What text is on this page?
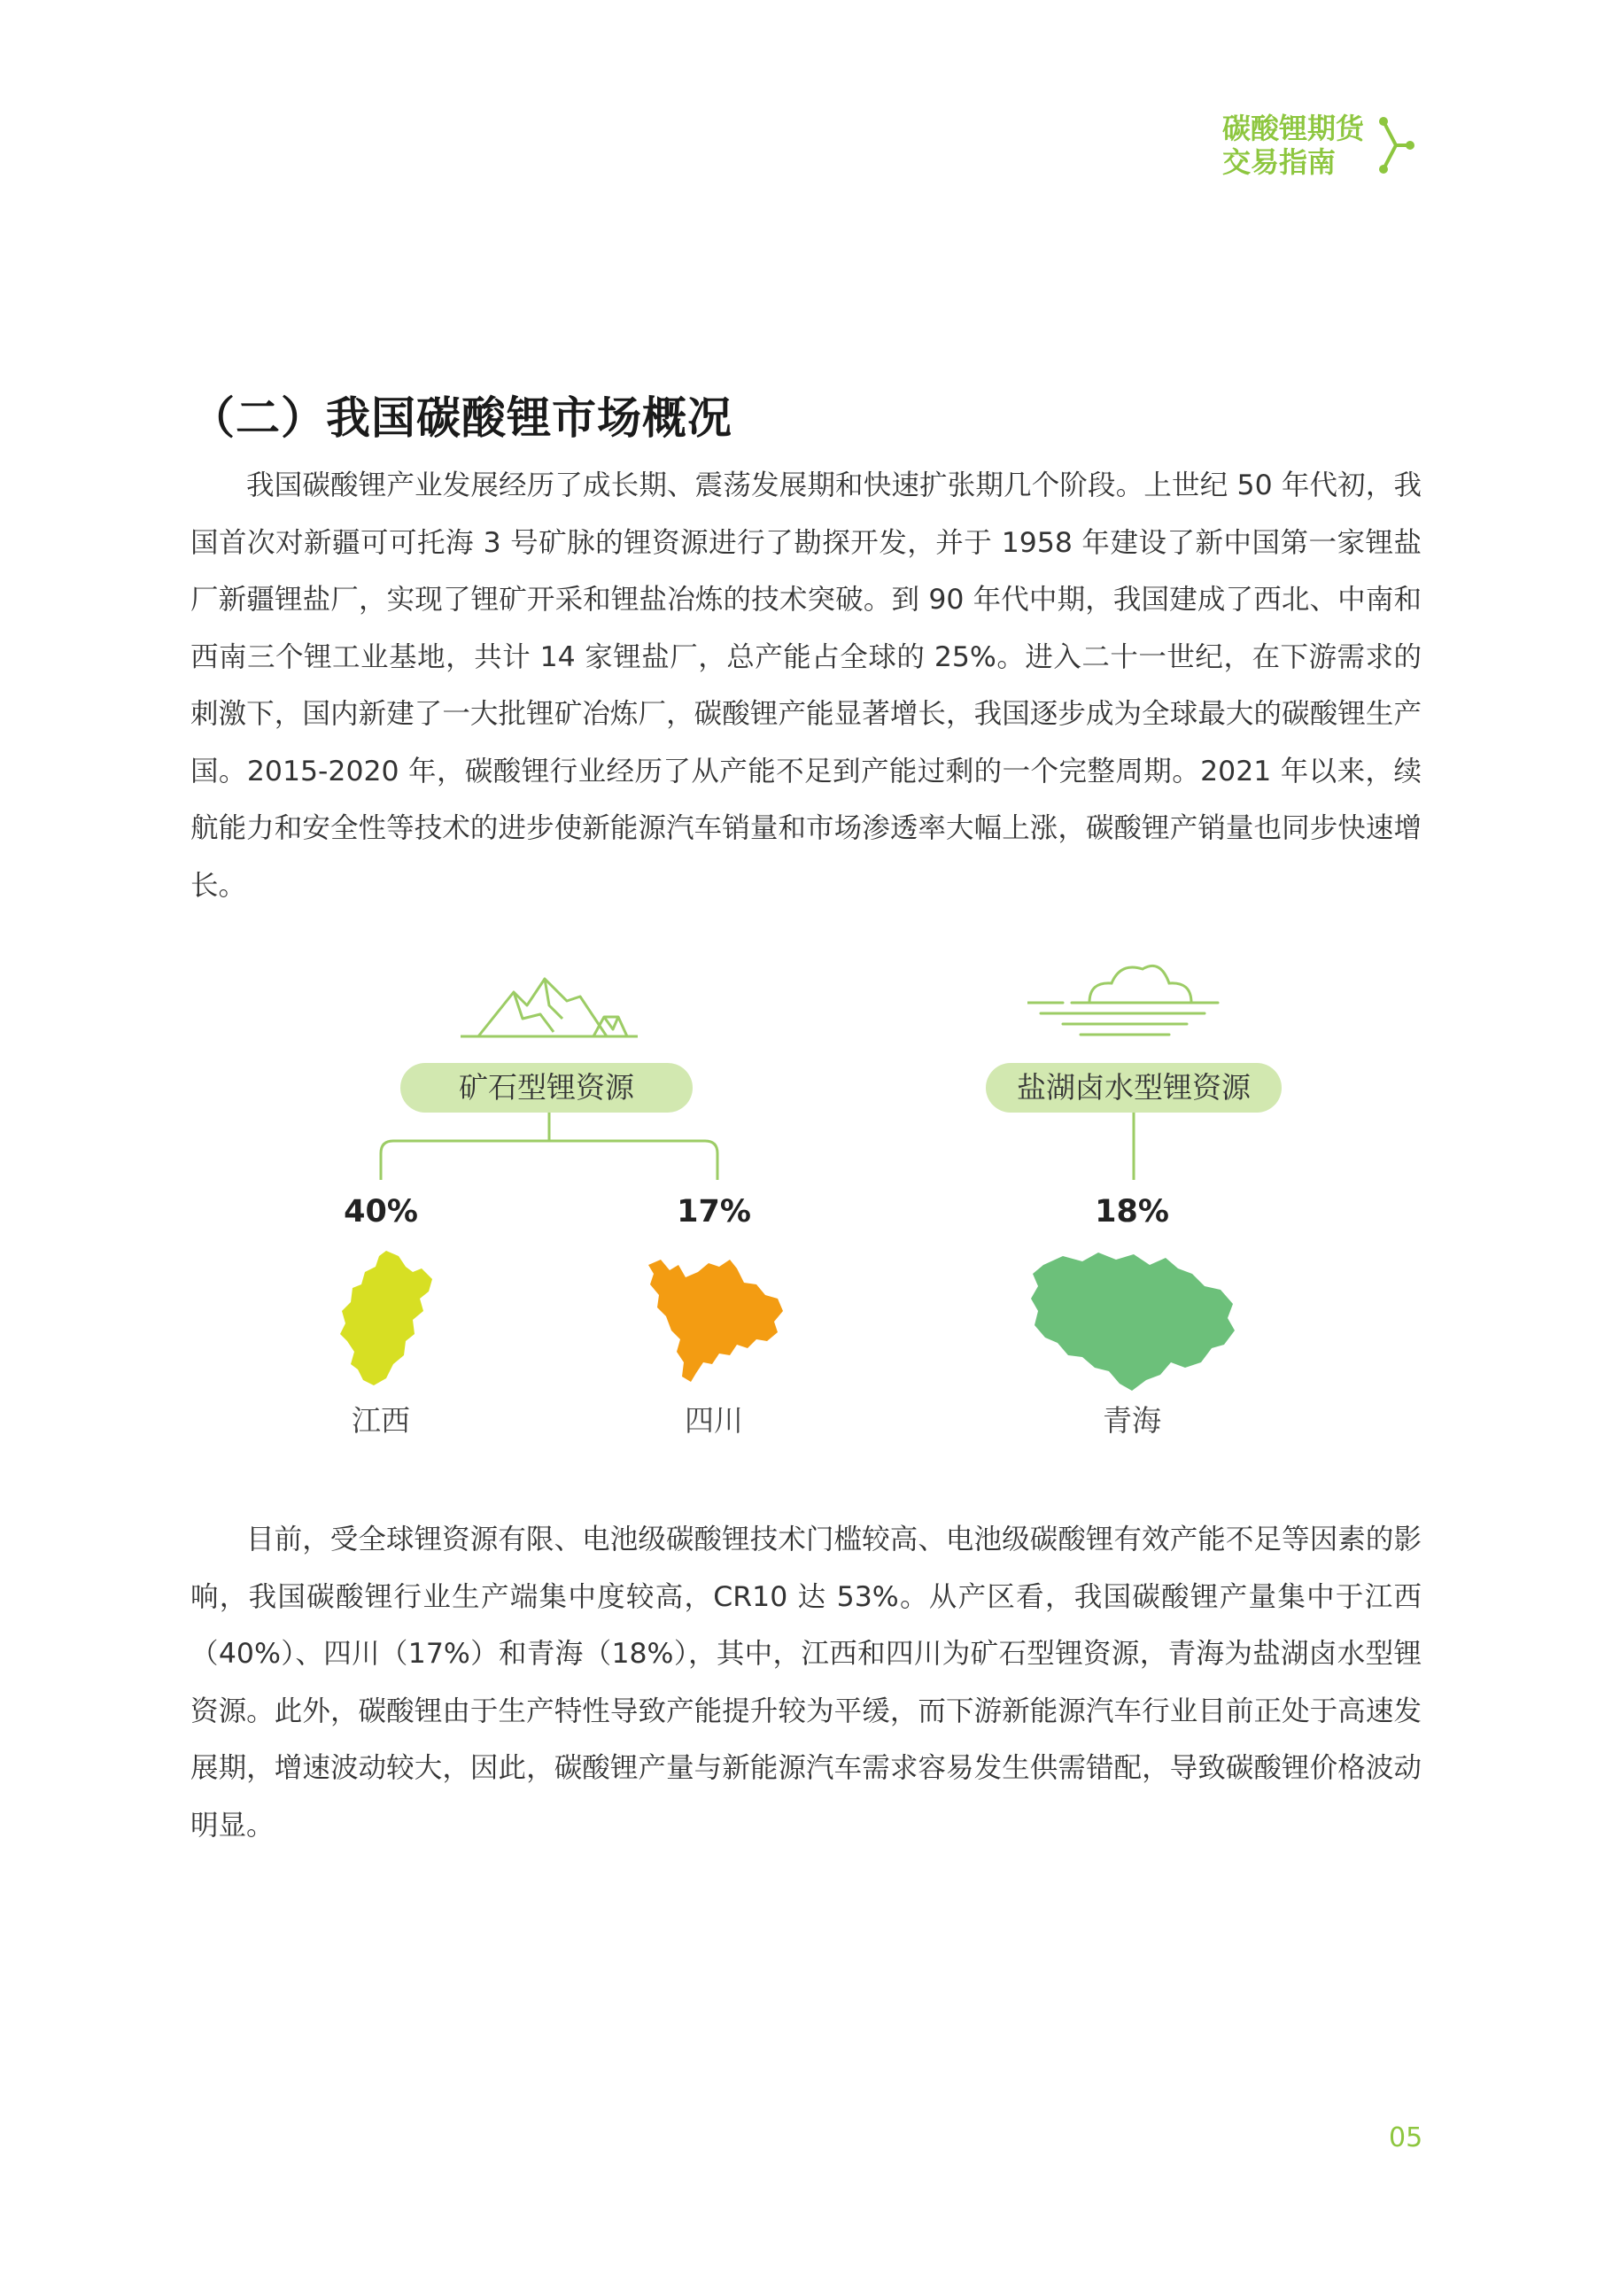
碳酸锂期货
交易指南
（二）我国碳酸锂市场概况

我国碳酸锂产业发展经历了成长期、震荡发展期和快速扩张期几个阶段。上世纪 50 年代初，我国首次对新疆可可托海 3 号矿脉的锂资源进行了勘探开发，并于 1958 年建设了新中国第一家锂盐厂新疆锂盐厂，实现了锂矿开采和锂盐冶炼的技术突破。到 90 年代中期，我国建成了西北、中南和西南三个锂工业基地，共计 14 家锂盐厂，总产能占全球的 25%。进入二十一世纪，在下游需求的刺激下，国内新建了一大批锂矿冶炼厂，碳酸锂产能显著增长，我国逐步成为全球最大的碳酸锂生产国。2015-2020 年，碳酸锂行业经历了从产能不足到产能过剩的一个完整周期。2021 年以来，续航能力和安全性等技术的进步使新能源汽车销量和市场渗透率大幅上涨，碳酸锂产销量也同步快速增长。

矿石型锂资源	盐湖卤水型锂资源
40%	17%	18%
江西	四川	青海

目前，受全球锂资源有限、电池级碳酸锂技术门槛较高、电池级碳酸锂有效产能不足等因素的影响，我国碳酸锂行业生产端集中度较高，CR10 达 53%。从产区看，我国碳酸锂产量集中于江西（40%）、四川（17%）和青海（18%），其中，江西和四川为矿石型锂资源，青海为盐湖卤水型锂资源。此外，碳酸锂由于生产特性导致产能提升较为平缓，而下游新能源汽车行业目前正处于高速发展期，增速波动较大，因此，碳酸锂产量与新能源汽车需求容易发生供需错配，导致碳酸锂价格波动明显。

05
